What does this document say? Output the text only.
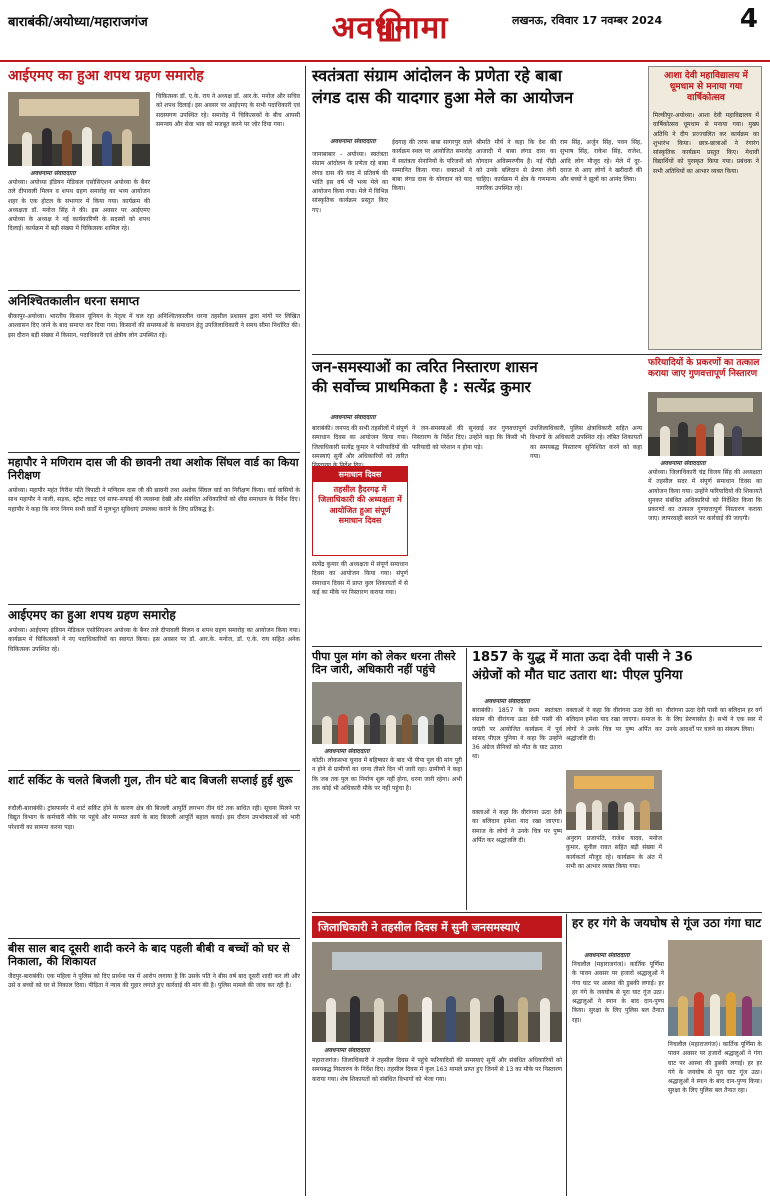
बाराबंकी/अयोध्या/महाराजगंज	अवधनामा	लखनऊ, रविवार 17 नवम्बर 2024	4
आईएमए का हुआ शपथ ग्रहण समारोह
अवधनामा संवाददाता
अयोध्या। अयोध्या इंडियन मेडिकल एसोसिएशन अयोध्या के बैनर तले दीपावली मिलन व शपथ ग्रहण समारोह का भव्य आयोजन शहर के एक होटल के सभागार में किया गया। कार्यक्रम की अध्यक्षता डॉ. मनोज सिंह ने की। इस अवसर पर आईएमए अयोध्या के अध्यक्ष ने नई कार्यकारिणी के सदस्यों को शपथ दिलाई। कार्यक्रम में बड़ी संख्या में चिकित्सक शामिल रहे।
चिकित्सक डॉ. ए.के. राय ने अध्यक्ष डॉ. आर.के. मनोज और सचिव को शपथ दिलाई। इस अवसर पर आईएमए के सभी पदाधिकारी एवं सदस्यगण उपस्थित रहे। समारोह में चिकित्सकों के बीच आपसी समन्वय और सेवा भाव को मजबूत करने पर जोर दिया गया।
अनिश्चितकालीन धरना समाप्त
बीकापुर-अयोध्या। भारतीय किसान यूनियन के नेतृत्व में चल रहा अनिश्चितकालीन धरना तहसील प्रशासन द्वारा मांगों पर लिखित आश्वासन दिए जाने के बाद समाप्त कर दिया गया। किसानों की समस्याओं के समाधान हेतु उपजिलाधिकारी ने समय सीमा निर्धारित की। इस दौरान बड़ी संख्या में किसान, पदाधिकारी एवं क्षेत्रीय लोग उपस्थित रहे।
महापौर ने मणिराम दास जी की छावनी तथा अशोक सिंघल वार्ड का किया निरीक्षण
अयोध्या। महापौर महंत गिरीश पति त्रिपाठी ने मणिराम दास जी की छावनी तथा अशोक सिंघल वार्ड का निरीक्षण किया। वार्ड वासियों के साथ महापौर ने नाली, सड़क, स्ट्रीट लाइट एवं साफ-सफाई की व्यवस्था देखी और संबंधित अधिकारियों को शीघ्र समाधान के निर्देश दिए। महापौर ने कहा कि नगर निगम सभी वार्डों में मूलभूत सुविधाएं उपलब्ध कराने के लिए प्रतिबद्ध है।
आईएमए का हुआ शपथ ग्रहण समारोह
अयोध्या। आईएमए इंडियन मेडिकल एसोसिएशन अयोध्या के बैनर तले दीपावली मिलन व शपथ ग्रहण समारोह का आयोजन किया गया। कार्यक्रम में चिकित्सकों ने नए पदाधिकारियों का स्वागत किया। इस अवसर पर डॉ. आर.के. मनोज, डॉ. ए.के. राय सहित अनेक चिकित्सक उपस्थित रहे।
शार्ट सर्किट के चलते बिजली गुल, तीन घंटे बाद बिजली सप्लाई हुई शुरू
रुदौली-बाराबंकी। ट्रांसफार्मर में शार्ट सर्किट होने के कारण क्षेत्र की बिजली आपूर्ति लगभग तीन घंटे तक बाधित रही। सूचना मिलने पर विद्युत विभाग के कर्मचारी मौके पर पहुंचे और मरम्मत कार्य के बाद बिजली आपूर्ति बहाल कराई। इस दौरान उपभोक्ताओं को भारी परेशानी का सामना करना पड़ा।
बीस साल बाद दूसरी शादी करने के बाद पहली बीबी व बच्चों को घर से निकाला, की शिकायत
जैदपुर-बाराबंकी। एक महिला ने पुलिस को दिए प्रार्थना पत्र में आरोप लगाया है कि उसके पति ने बीस वर्ष बाद दूसरी शादी कर ली और उसे व बच्चों को घर से निकाल दिया। पीड़िता ने न्याय की गुहार लगाते हुए कार्रवाई की मांग की है। पुलिस मामले की जांच कर रही है।
स्वतंत्रता संग्राम आंदोलन के प्रणेता रहे बाबा
लंगड दास की यादगार हुआ मेले का आयोजन
अवधनामा संवाददाता
जानाबाबार - अयोध्या। स्वतंत्रता संग्राम आंदोलन के प्रणेता रहे बाबा लंगड दास की याद में प्रतिवर्ष की भांति इस वर्ष भी भव्य मेले का आयोजन किया गया। मेले में विभिन्न सांस्कृतिक कार्यक्रम प्रस्तुत किए गए।
ईदगाह की तरफ बाबा सागरपुर वाले कार्यक्रम स्थल पर आयोजित समारोह में स्वतंत्रता सेनानियों के परिजनों को सम्मानित किया गया। वक्ताओं ने बाबा लंगड दास के योगदान को याद किया।
श्रीमति मौर्य ने कहा कि देश की आजादी में बाबा लंगड दास का योगदान अविस्मरणीय है। नई पीढ़ी को उनके बलिदान से प्रेरणा लेनी चाहिए। कार्यक्रम में क्षेत्र के गणमान्य नागरिक उपस्थित रहे।
राम सिंह, अर्जुन सिंह, पवन सिंह, सुभाष सिंह, राकेश सिंह, राजेश, आदि लोग मौजूद रहे। मेले में दूर-दराज से आए लोगों ने खरीदारी की और बच्चों ने झूलों का आनंद लिया।
आशा देवी महाविद्यालय में धूमधाम से मनाया गया वार्षिकोत्सव
मिल्कीपुर-अयोध्या। आशा देवी महाविद्यालय में वार्षिकोत्सव धूमधाम से मनाया गया। मुख्य अतिथि ने दीप प्रज्ज्वलित कर कार्यक्रम का शुभारंभ किया। छात्र-छात्राओं ने रंगारंग सांस्कृतिक कार्यक्रम प्रस्तुत किए। मेधावी विद्यार्थियों को पुरस्कृत किया गया। प्रबंधक ने सभी अतिथियों का आभार व्यक्त किया।
जन-समस्याओं का त्वरित निस्तारण शासन
की सर्वोच्च प्राथमिकता है : सत्येंद्र कुमार
अवधनामा संवाददाता
बाराबंकी। जनपद की सभी तहसीलों में संपूर्ण समाधान दिवस का आयोजन किया गया। जिलाधिकारी सत्येंद्र कुमार ने फरियादियों की समस्याएं सुनीं और अधिकारियों को त्वरित
समाधान दिवस
तहसील हैदरगढ़ में जिलाधिकारी की अध्यक्षता में आयोजित हुआ संपूर्ण समाधान दिवस
सत्येंद्र कुमार की अध्यक्षता में संपूर्ण समाधान दिवस का आयोजन किया गया। संपूर्ण समाधान दिवस में प्राप्त कुल शिकायतों में से कई का मौके पर निस्तारण कराया गया।
ने जन-समस्याओं की सुनवाई कर गुणवत्तापूर्ण निस्तारण के निर्देश दिए। उन्होंने कहा कि किसी भी फरियादी को परेशान न होना पड़े।
उपजिलाधिकारी, पुलिस क्षेत्राधिकारी सहित अन्य विभागों के अधिकारी उपस्थित रहे। लंबित शिकायतों का समयबद्ध निस्तारण सुनिश्चित करने को कहा गया।
फरियादियों के प्रकरणों का तत्काल कराया जाए गुणवत्तापूर्ण निस्तारण
अवधनामा संवाददाता
अयोध्या। जिलाधिकारी चंद्र विजय सिंह की अध्यक्षता में तहसील सदर में संपूर्ण समाधान दिवस का आयोजन किया गया। उन्होंने फरियादियों की शिकायतें सुनकर संबंधित अधिकारियों को निर्देशित किया कि प्रकरणों का तत्काल गुणवत्तापूर्ण निस्तारण कराया जाए। लापरवाही बरतने पर कार्रवाई की जाएगी।
पीपा पुल मांग को लेकर धरना तीसरे दिन जारी, अधिकारी नहीं पहुंचे
अवधनामा संवाददाता
कोठी। लोकसभा चुनाव में बहिष्कार के बाद भी पीपा पुल की मांग पूरी न होने से ग्रामीणों का धरना तीसरे दिन भी जारी रहा। ग्रामीणों ने कहा कि जब तक पुल का निर्माण शुरू नहीं होगा, धरना जारी रहेगा। अभी तक कोई भी अधिकारी मौके पर नहीं पहुंचा है।
1857 के युद्ध में माता ऊदा देवी पासी ने 36
अंग्रेजों को मौत घाट उतारा था: पीएल पुनिया
अवधनामा संवाददाता
बाराबंकी। 1857 के प्रथम स्वतंत्रता संग्राम की वीरांगना ऊदा देवी पासी की जयंती पर आयोजित कार्यक्रम में पूर्व सांसद पीएल पुनिया ने कहा कि उन्होंने 36 अंग्रेज सैनिकों को मौत के घाट उतारा था।
वक्ताओं ने कहा कि वीरांगना ऊदा देवी का बलिदान हमेशा याद रखा जाएगा। समाज के लोगों ने उनके चित्र पर पुष्प अर्पित कर श्रद्धांजलि दी।
अनुराग प्रजापति, राजेश यादव, मनोज कुमार, सुनील रावत सहित बड़ी संख्या में कार्यकर्ता मौजूद रहे। कार्यक्रम के अंत में सभी का आभार व्यक्त किया गया।
वीरांगना ऊदा देवी पासी का बलिदान हर वर्ग के लिए प्रेरणास्रोत है। सभी ने एक स्वर में उनके आदर्शों पर चलने का संकल्प लिया।
वक्ताओं ने कहा कि वीरांगना ऊदा देवी का बलिदान हमेशा याद रखा जाएगा। समाज के लोगों ने उनके चित्र पर पुष्प अर्पित कर श्रद्धांजलि दी।
जिलाधिकारी ने तहसील दिवस में सुनी जनसमस्याएं
अवधनामा संवाददाता
महाराजगंज। जिलाधिकारी ने तहसील दिवस में पहुंचे फरियादियों की समस्याएं सुनीं और संबंधित अधिकारियों को समयबद्ध निस्तारण के निर्देश दिए। तहसील दिवस में कुल 163 मामले प्राप्त हुए जिनमें से 13 का मौके पर निस्तारण कराया गया। शेष शिकायतों को संबंधित विभागों को भेजा गया।
हर हर गंगे के जयघोष से गूंज उठा गंगा घाट
अवधनामा संवाददाता
निचलौल (महाराजगंज)। कार्तिक पूर्णिमा के पावन अवसर पर हजारों श्रद्धालुओं ने गंगा घाट पर आस्था की डुबकी लगाई। हर हर गंगे के जयघोष से पूरा घाट गूंज उठा। श्रद्धालुओं ने स्नान के बाद दान-पुण्य किया। सुरक्षा के लिए पुलिस बल तैनात रहा।
निचलौल (महाराजगंज)। कार्तिक पूर्णिमा के पावन अवसर पर हजारों श्रद्धालुओं ने गंगा घाट पर आस्था की डुबकी लगाई। हर हर गंगे के जयघोष से पूरा घाट गूंज उठा। श्रद्धालुओं ने स्नान के बाद दान-पुण्य किया। सुरक्षा के लिए पुलिस बल तैनात रहा।
